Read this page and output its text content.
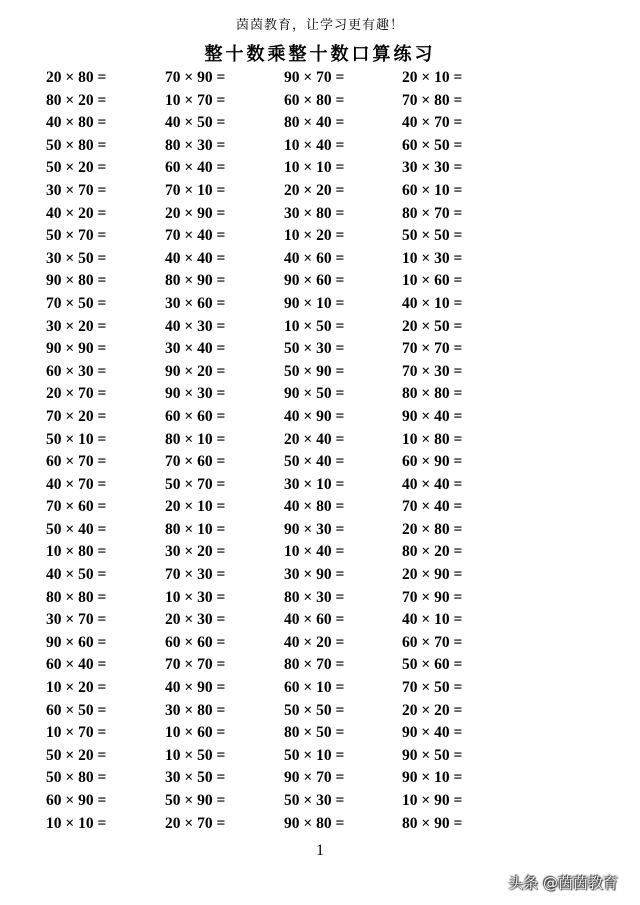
茵茵教育，让学习更有趣！
整十数乘整十数口算练习
20 × 80 =	70 × 90 =	90 × 70 =	20 × 10 =
80 × 20 =	10 × 70 =	60 × 80 =	70 × 80 =
40 × 80 =	40 × 50 =	80 × 40 =	40 × 70 =
50 × 80 =	80 × 30 =	10 × 40 =	60 × 50 =
50 × 20 =	60 × 40 =	10 × 10 =	30 × 30 =
30 × 70 =	70 × 10 =	20 × 20 =	60 × 10 =
40 × 20 =	20 × 90 =	30 × 80 =	80 × 70 =
50 × 70 =	70 × 40 =	10 × 20 =	50 × 50 =
30 × 50 =	40 × 40 =	40 × 60 =	10 × 30 =
90 × 80 =	80 × 90 =	90 × 60 =	10 × 60 =
70 × 50 =	30 × 60 =	90 × 10 =	40 × 10 =
30 × 20 =	40 × 30 =	10 × 50 =	20 × 50 =
90 × 90 =	30 × 40 =	50 × 30 =	70 × 70 =
60 × 30 =	90 × 20 =	50 × 90 =	70 × 30 =
20 × 70 =	90 × 30 =	90 × 50 =	80 × 80 =
70 × 20 =	60 × 60 =	40 × 90 =	90 × 40 =
50 × 10 =	80 × 10 =	20 × 40 =	10 × 80 =
60 × 70 =	70 × 60 =	50 × 40 =	60 × 90 =
40 × 70 =	50 × 70 =	30 × 10 =	40 × 40 =
70 × 60 =	20 × 10 =	40 × 80 =	70 × 40 =
50 × 40 =	80 × 10 =	90 × 30 =	20 × 80 =
10 × 80 =	30 × 20 =	10 × 40 =	80 × 20 =
40 × 50 =	70 × 30 =	30 × 90 =	20 × 90 =
80 × 80 =	10 × 30 =	80 × 30 =	70 × 90 =
30 × 70 =	20 × 30 =	40 × 60 =	40 × 10 =
90 × 60 =	60 × 60 =	40 × 20 =	60 × 70 =
60 × 40 =	70 × 70 =	80 × 70 =	50 × 60 =
10 × 20 =	40 × 90 =	60 × 10 =	70 × 50 =
60 × 50 =	30 × 80 =	50 × 50 =	20 × 20 =
10 × 70 =	10 × 60 =	80 × 50 =	90 × 40 =
50 × 20 =	10 × 50 =	50 × 10 =	90 × 50 =
50 × 80 =	30 × 50 =	90 × 70 =	90 × 10 =
60 × 90 =	50 × 90 =	50 × 30 =	10 × 90 =
10 × 10 =	20 × 70 =	90 × 80 =	80 × 90 =
1
头条 @茵茵教育
